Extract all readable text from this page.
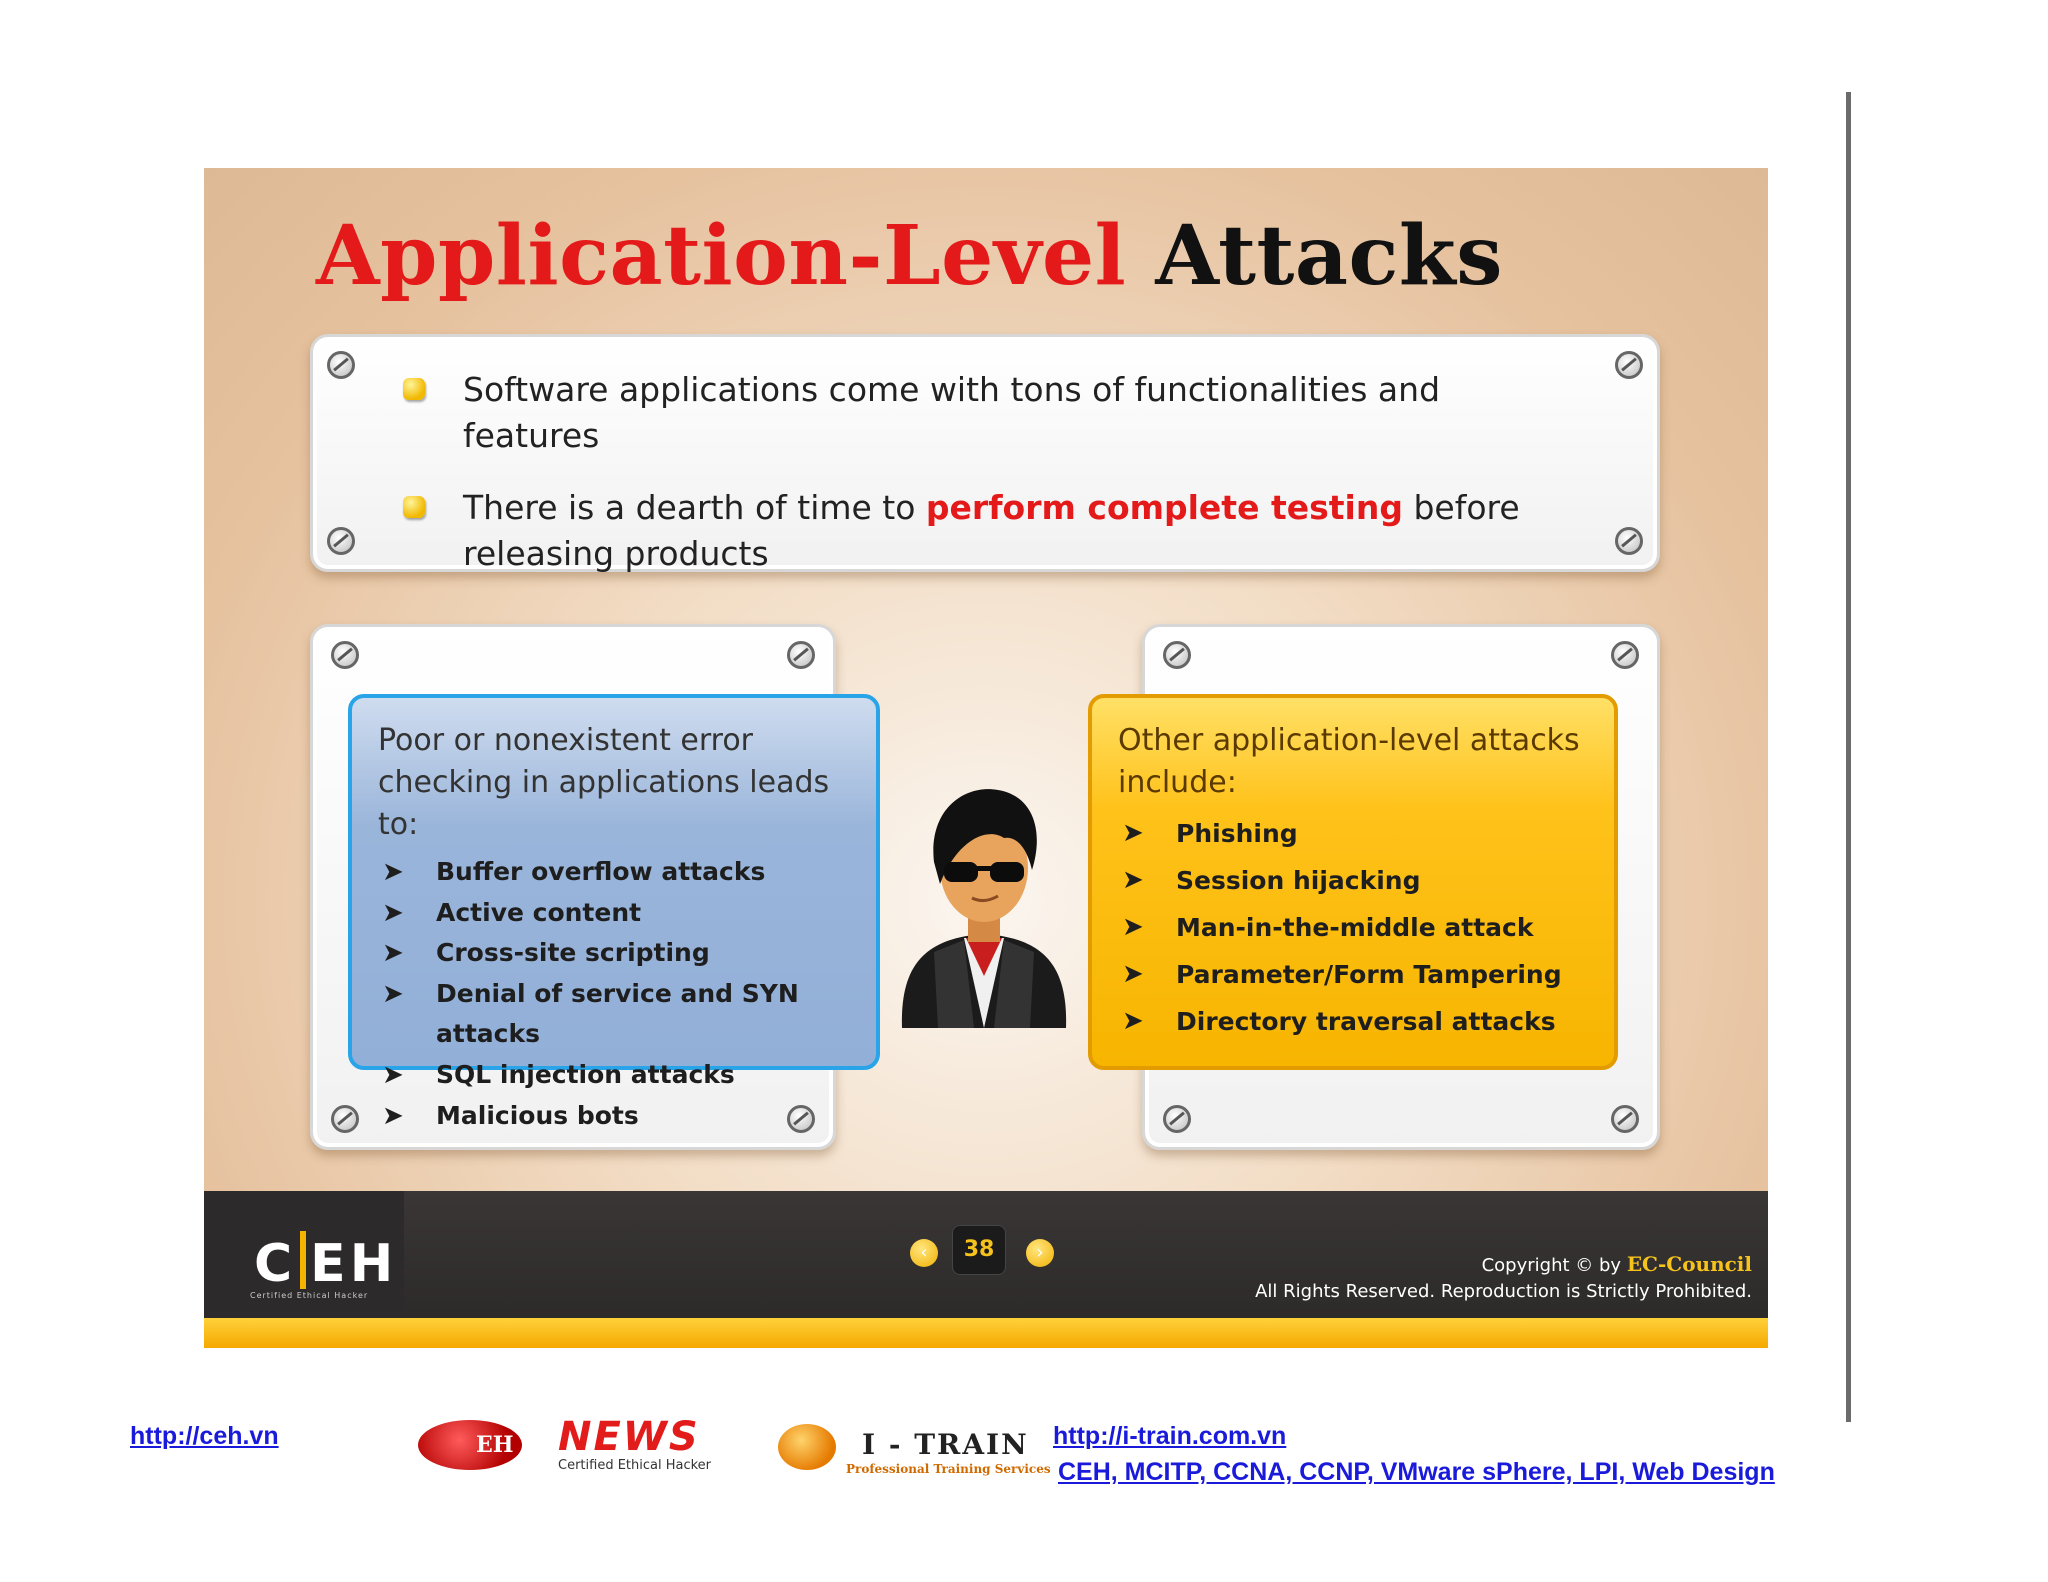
Application-Level Attacks
Software applications come with tons of functionalities and features
There is a dearth of time to perform complete testing before releasing products
Poor or nonexistent error checking in applications leads to:
➤ Buffer overflow attacks
➤ Active content
➤ Cross-site scripting
➤ Denial of service and SYN attacks
➤ SQL injection attacks
➤ Malicious bots
Other application-level attacks include:
➤ Phishing
➤ Session hijacking
➤ Man-in-the-middle attack
➤ Parameter/Form Tampering
➤ Directory traversal attacks
C EH
Certified Ethical Hacker
‹	38	›
Copyright © by EC-Council
All Rights Reserved. Reproduction is Strictly Prohibited.
http://ceh.vn	EH NEWS
Certified Ethical Hacker
I - TRAIN
Professional Training Services
http://i-train.com.vn
CEH, MCITP, CCNA, CCNP, VMware sPhere, LPI, Web Design
